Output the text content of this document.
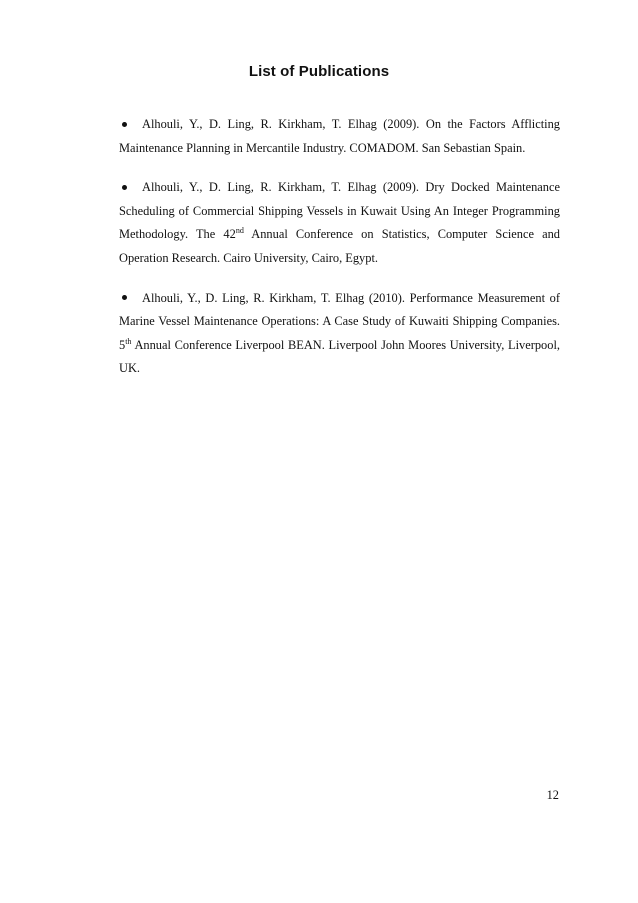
List of Publications
Alhouli, Y., D. Ling, R. Kirkham, T. Elhag (2009). On the Factors Afflicting Maintenance Planning in Mercantile Industry. COMADOM. San Sebastian Spain.
Alhouli, Y., D. Ling, R. Kirkham, T. Elhag (2009). Dry Docked Maintenance Scheduling of Commercial Shipping Vessels in Kuwait Using An Integer Programming Methodology. The 42nd Annual Conference on Statistics, Computer Science and Operation Research. Cairo University, Cairo, Egypt.
Alhouli, Y., D. Ling, R. Kirkham, T. Elhag (2010). Performance Measurement of Marine Vessel Maintenance Operations: A Case Study of Kuwaiti Shipping Companies. 5th Annual Conference Liverpool BEAN. Liverpool John Moores University, Liverpool, UK.
12
